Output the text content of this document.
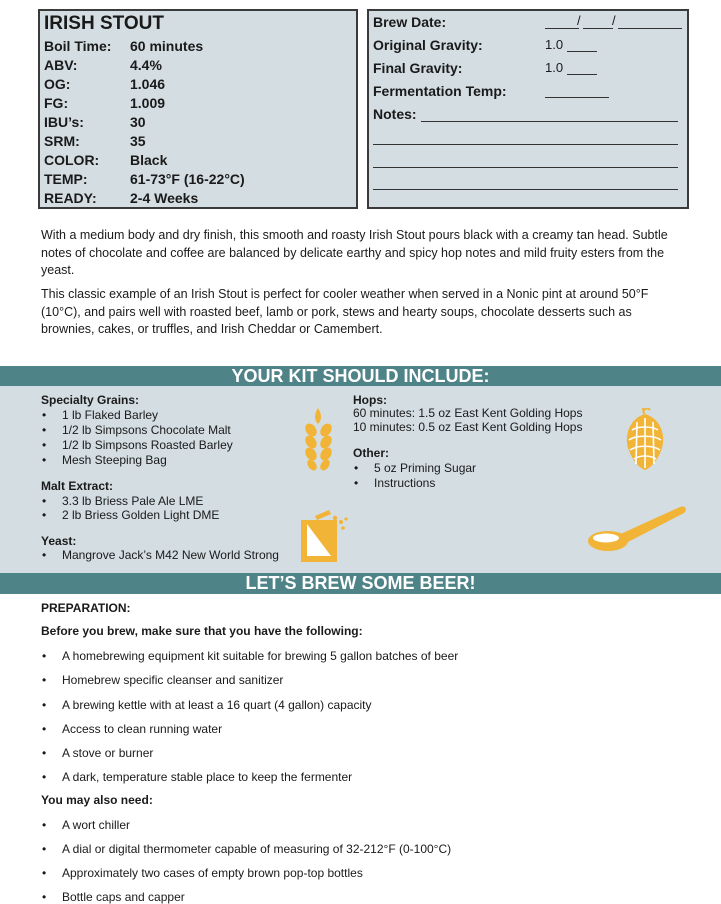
IRISH STOUT
Boil Time: 60 minutes
ABV:	4.4%
OG:	1.046
FG:	1.009
IBU’s:	30
SRM:	35
COLOR: Black
TEMP:	61-73°F (16-22°C)
READY: 2-4 Weeks
Brew Date:	/ /
Original Gravity:	1.0
Final Gravity:	1.0
Fermentation Temp:
Notes:
With a medium body and dry finish, this smooth and roasty Irish Stout pours black with a creamy tan head. Subtle notes of chocolate and coffee are balanced by delicate earthy and spicy hop notes and mild fruity esters from the yeast.
This classic example of an Irish Stout is perfect for cooler weather when served in a Nonic pint at around 50°F (10°C), and pairs well with roasted beef, lamb or pork, stews and hearty soups, chocolate desserts such as brownies, cakes, or truffles, and Irish Cheddar or Camembert.
YOUR KIT SHOULD INCLUDE:
Specialty Grains:
• 1 lb Flaked Barley
• 1/2 lb Simpsons Chocolate Malt
• 1/2 lb Simpsons Roasted Barley
• Mesh Steeping Bag
Malt Extract:
• 3.3 lb Briess Pale Ale LME
• 2 lb Briess Golden Light DME
Yeast:
• Mangrove Jack’s M42 New World Strong
Hops:
60 minutes: 1.5 oz East Kent Golding Hops
10 minutes: 0.5 oz East Kent Golding Hops
Other:
• 5 oz Priming Sugar
• Instructions
LET’S BREW SOME BEER!
PREPARATION:
Before you brew, make sure that you have the following:
• A homebrewing equipment kit suitable for brewing 5 gallon batches of beer
• Homebrew specific cleanser and sanitizer
• A brewing kettle with at least a 16 quart (4 gallon) capacity
• Access to clean running water
• A stove or burner
• A dark, temperature stable place to keep the fermenter
You may also need:
• A wort chiller
• A dial or digital thermometer capable of measuring of 32-212°F (0-100°C)
• Approximately two cases of empty brown pop-top bottles
• Bottle caps and capper
